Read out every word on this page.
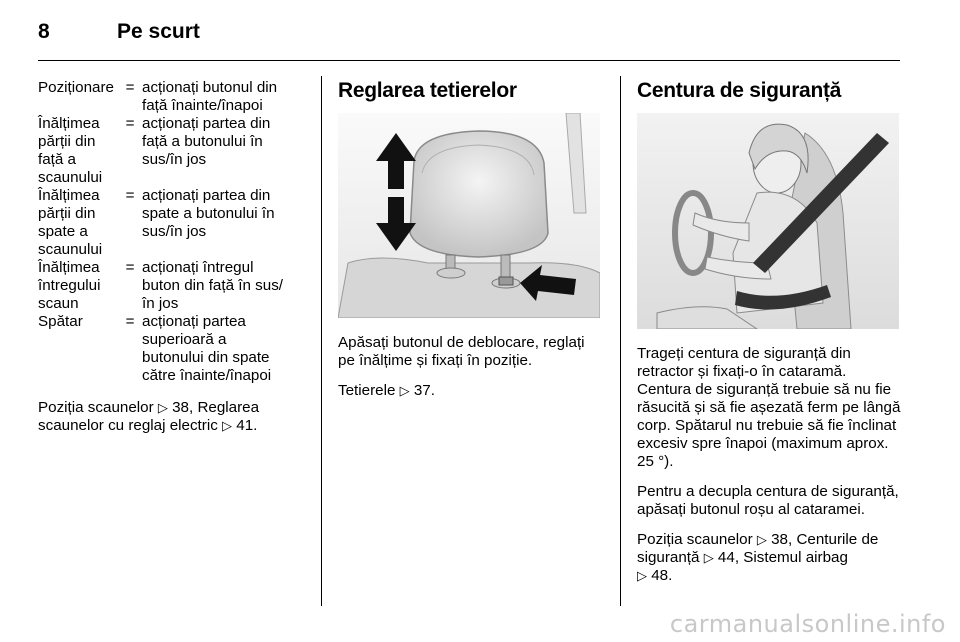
8	Pe scurt
Poziționare	=	acționați butonul din față înainte/înapoi
Înălțimea părții din față a scaunului	=	acționați partea din față a butonului în sus/în jos
Înălțimea părții din spate a scaunului	=	acționați partea din spate a butonului în sus/în jos
Înălțimea întregului scaun	=	acționați întregul buton din față în sus/în jos
Spătar	=	acționați partea superioară a butonului din spate către înainte/înapoi

Poziția scaunelor ▷ 38, Reglarea scaunelor cu reglaj electric ▷ 41.

Reglarea tetierelor

Apăsați butonul de deblocare, reglați pe înălțime și fixați în poziție.

Tetierele ▷ 37.

Centura de siguranță

Trageți centura de siguranță din retractor și fixați-o în cataramă. Centura de siguranță trebuie să nu fie răsucită și să fie așezată ferm pe lângă corp. Spătarul nu trebuie să fie înclinat excesiv spre înapoi (maximum aprox. 25 °).

Pentru a decupla centura de siguranță, apăsați butonul roșu al cataramei.

Poziția scaunelor ▷ 38, Centurile de siguranță ▷ 44, Sistemul airbag
▷ 48.

carmanualsonline.info
